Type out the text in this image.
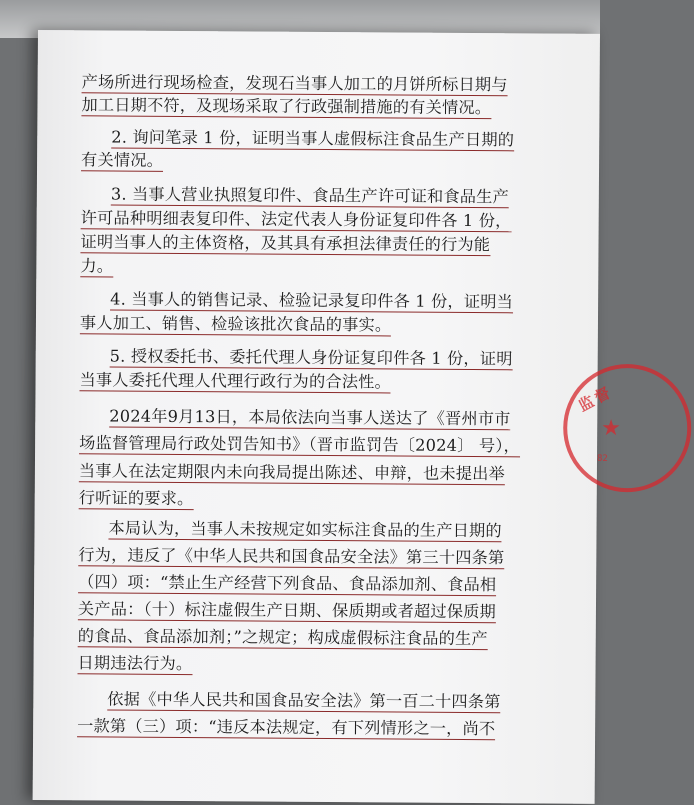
产场所进行现场检查，发现石当事人加工的月饼所标日期与
加工日期不符，及现场采取了行政强制措施的有关情况。
2. 询问笔录 1 份，证明当事人虚假标注食品生产日期的
有关情况。
3. 当事人营业执照复印件、食品生产许可证和食品生产
许可品种明细表复印件、法定代表人身份证复印件各 1 份，
证明当事人的主体资格，及其具有承担法律责任的行为能
力。
4. 当事人的销售记录、检验记录复印件各 1 份，证明当
事人加工、销售、检验该批次食品的事实。
5. 授权委托书、委托代理人身份证复印件各 1 份，证明
当事人委托代理人代理行政行为的合法性。
2024年9月13日，本局依法向当事人送达了《晋州市市
场监督管理局行政处罚告知书》（晋市监罚告〔2024〕 号），
当事人在法定期限内未向我局提出陈述、申辩，也未提出举
行听证的要求。
本局认为，当事人未按规定如实标注食品的生产日期的
行为，违反了《中华人民共和国食品安全法》第三十四条第
（四）项：“禁止生产经营下列食品、食品添加剂、食品相
关产品：（十）标注虚假生产日期、保质期或者超过保质期
的食品、食品添加剂；”之规定；构成虚假标注食品的生产
日期违法行为。
依据《中华人民共和国食品安全法》第一百二十四条第
一款第（三）项：“违反本法规定，有下列情形之一，尚不
监督
★
82
